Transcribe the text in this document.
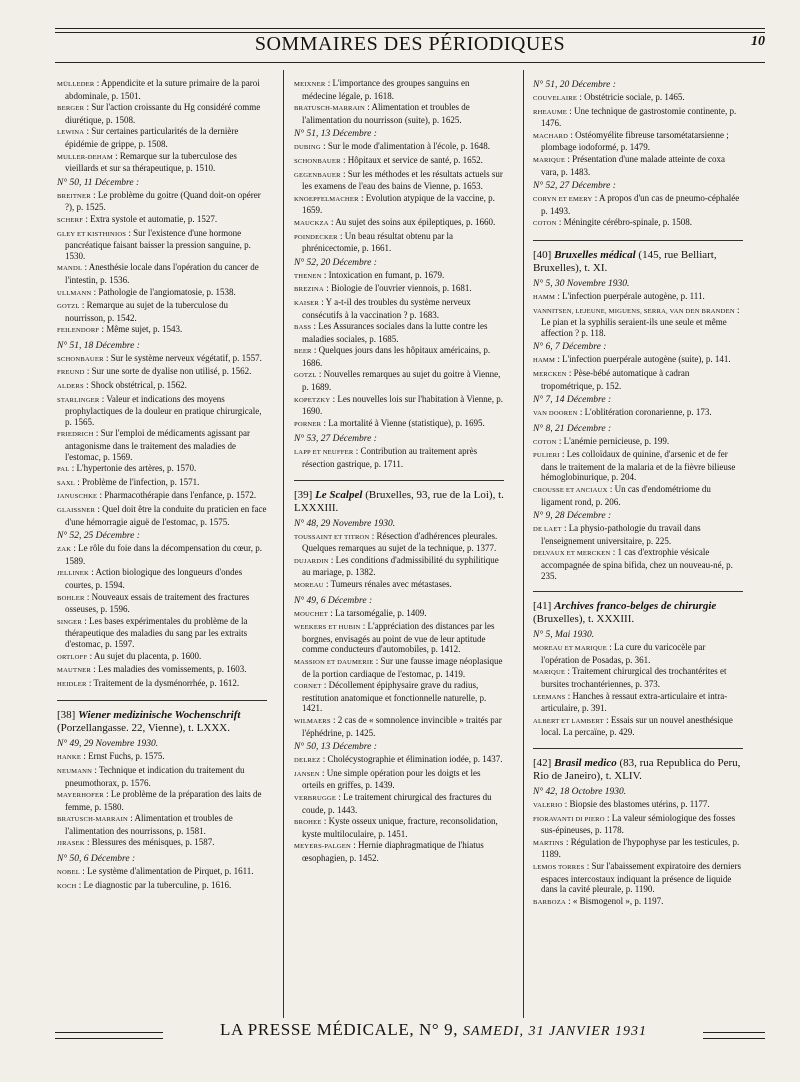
SOMMAIRES DES PÉRIODIQUES	10
MÜLLEDER : Appendicite et la suture primaire de la paroi abdominale, p. 1501.
BERGER : Sur l'action croissante du Hg considéré comme diurétique, p. 1508.
LEWINA : Sur certaines particularités de la dernière épidémie de grippe, p. 1508.
MULLER-DEHAM : Remarque sur la tuberculose des vieillards et sur sa thérapeutique, p. 1510.
N° 50, 11 Décembre :
BREITNER : Le problème du goitre (Quand doit-on opérer ?), p. 1525.
SCHERF : Extra systole et automatie, p. 1527.
GLEY ET KISTHINIOS : Sur l'existence d'une hormone pancréatique faisant baisser la pression sanguine, p. 1530.
MANDL : Anesthésie locale dans l'opération du cancer de l'intestin, p. 1536.
ULLMANN : Pathologie de l'angiomatosie, p. 1538.
GOTZL : Remarque au sujet de la tuberculose du nourrisson, p. 1542.
FEILENDORF : Même sujet, p. 1543.
N° 51, 18 Décembre :
SCHONBAUER : Sur le système nerveux végétatif, p. 1557.
FREUND : Sur une sorte de dyalise non utilisé, p. 1562.
ALDERS : Shock obstétrical, p. 1562.
STARLINGER : Valeur et indications des moyens prophylactiques de la douleur en pratique chirurgicale, p. 1565.
FRIEDRICH : Sur l'emploi de médicaments agissant par antagonisme dans le traitement des maladies de l'estomac, p. 1569.
PAL : L'hypertonie des artères, p. 1570.
SAXL : Problème de l'infection, p. 1571.
JANUSCHKE : Pharmacothérapie dans l'enfance, p. 1572.
GLAISSNER : Quel doit être la conduite du praticien en face d'une hémorragie aiguë de l'estomac, p. 1575.
N° 52, 25 Décembre :
ZAK : Le rôle du foie dans la décompensation du cœur, p. 1589.
JELLINEK : Action biologique des longueurs d'ondes courtes, p. 1594.
BOHLER : Nouveaux essais de traitement des fractures osseuses, p. 1596.
SINGER : Les bases expérimentales du problème de la thérapeutique des maladies du sang par les extraits d'estomac, p. 1597.
ORTLOFF : Au sujet du placenta, p. 1600.
MAUTNER : Les maladies des vomissements, p. 1603.
HEIDLER : Traitement de la dysménorrhée, p. 1612.
[38] Wiener medizinische Wochenschrift (Porzellangasse. 22, Vienne), t. LXXX.
N° 49, 29 Novembre 1930.
HANKE : Ernst Fuchs, p. 1575.
NEUMANN : Technique et indication du traitement du pneumothorax, p. 1576.
MAYERHOFER : Le problème de la préparation des laits de femme, p. 1580.
BRATUSCH-MARRAIN : Alimentation et troubles de l'alimentation des nourrissons, p. 1581.
JIRASEK : Blessures des ménisques, p. 1587.
N° 50, 6 Décembre :
NOBEL : Le système d'alimentation de Pirquet, p. 1611.
KOCH : Le diagnostic par la tuberculine, p. 1616.
MEIXNER : L'importance des groupes sanguins en médecine légale, p. 1618.
BRATUSCH-MARRAIN : Alimentation et troubles de l'alimentation du nourrisson (suite), p. 1625.
N° 51, 13 Décembre :
DUBING : Sur le mode d'alimentation à l'école, p. 1648.
SCHONBAUER : Hôpitaux et service de santé, p. 1652.
GEGENBAUER : Sur les méthodes et les résultats actuels sur les examens de l'eau des bains de Vienne, p. 1653.
KNOEPFELMACHER : Evolution atypique de la vaccine, p. 1659.
MAUCKZA : Au sujet des soins aux épileptiques, p. 1660.
POINDECKER : Un beau résultat obtenu par la phrénicectomie, p. 1661.
N° 52, 20 Décembre :
THENEN : Intoxication en fumant, p. 1679.
BREZINA : Biologie de l'ouvrier viennois, p. 1681.
KAISER : Y a-t-il des troubles du système nerveux consécutifs à la vaccination ? p. 1683.
BASS : Les Assurances sociales dans la lutte contre les maladies sociales, p. 1685.
BEER : Quelques jours dans les hôpitaux américains, p. 1686.
GOTZL : Nouvelles remarques au sujet du goitre à Vienne, p. 1689.
KOPETZKY : Les nouvelles lois sur l'habitation à Vienne, p. 1690.
PORNER : La mortalité à Vienne (statistique), p. 1695.
N° 53, 27 Décembre :
LAPP ET NEUFFER : Contribution au traitement après résection gastrique, p. 1711.
[39] Le Scalpel (Bruxelles, 93, rue de la Loi), t. LXXXIII.
N° 48, 29 Novembre 1930.
TOUSSAINT ET TITRON : Résection d'adhérences pleurales. Quelques remarques au sujet de la technique, p. 1377.
DUJARDIN : Les conditions d'admissibilité du syphilitique au mariage, p. 1382.
MOREAU : Tumeurs rénales avec métastases.
N° 49, 6 Décembre :
MOUCHET : La tarsomégalie, p. 1409.
WEEKERS ET HUBIN : L'appréciation des distances par les borgnes, envisagés au point de vue de leur aptitude comme conducteurs d'automobiles, p. 1412.
MASSION ET DAUMERIE : Sur une fausse image néoplasique de la portion cardiaque de l'estomac, p. 1419.
CORNET : Décollement épiphysaire grave du radius, restitution anatomique et fonctionnelle naturelle, p. 1421.
WILMAERS : 2 cas de « somnolence invincible » traités par l'éphédrine, p. 1425.
N° 50, 13 Décembre :
DELREZ : Cholécystographie et élimination iodée, p. 1437.
JANSEN : Une simple opération pour les doigts et les orteils en griffes, p. 1439.
VERBRUGGE : Le traitement chirurgical des fractures du coude, p. 1443.
BROHEE : Kyste osseux unique, fracture, reconsolidation, kyste multiloculaire, p. 1451.
MEYERS-PALGEN : Hernie diaphragmatique de l'hiatus œsophagien, p. 1452.
N° 51, 20 Décembre :
COUVELAIRE : Obstétricie sociale, p. 1465.
RHEAUME : Une technique de gastrostomie continente, p. 1476.
MACHARD : Ostéomyélite fibreuse tarsométatarsienne ; plombage iodoformé, p. 1479.
MARIQUE : Présentation d'une malade atteinte de coxa vara, p. 1483.
N° 52, 27 Décembre :
CORYN ET EMERY : A propos d'un cas de pneumo-céphalée p. 1493.
COTON : Méningite cérébro-spinale, p. 1508.
[40] Bruxelles médical (145, rue Belliart, Bruxelles), t. XI.
N° 5, 30 Novembre 1930.
HAMM : L'infection puerpérale autogène, p. 111.
VANNITSEN, LEJEUNE, MIGUENS, SERRA, VAN DEN BRANDEN : Le pian et la syphilis seraient-ils une seule et même affection ? p. 118.
N° 6, 7 Décembre :
HAMM : L'infection puerpérale autogène (suite), p. 141.
MERCKEN : Pèse-bébé automatique à cadran tropométrique, p. 152.
N° 7, 14 Décembre :
VAN DOOREN : L'oblitération coronarienne, p. 173.
N° 8, 21 Décembre :
COTON : L'anémie pernicieuse, p. 199.
PULIERI : Les colloïdaux de quinine, d'arsenic et de fer dans le traitement de la malaria et de la fièvre bilieuse hémoglobinurique, p. 204.
CROUSSE ET ANCIAUX : Un cas d'endométriome du ligament rond, p. 206.
N° 9, 28 Décembre :
DE LAET : La physio-pathologie du travail dans l'enseignement universitaire, p. 225.
DELVAUX ET MERCKEN : 1 cas d'extrophie vésicale accompagnée de spina bifida, chez un nouveau-né, p. 235.
[41] Archives franco-belges de chirurgie (Bruxelles), t. XXXIII.
N° 5, Mai 1930.
MOREAU ET MARIQUE : La cure du varicocèle par l'opération de Posadas, p. 361.
MARIQUE : Traitement chirurgical des trochantérites et bursites trochantériennes, p. 373.
LEEMANS : Hanches à ressaut extra-articulaire et intra-articulaire, p. 391.
ALBERT ET LAMBERT : Essais sur un nouvel anesthésique local. La percaïne, p. 429.
[42] Brasil medico (83, rua Republica do Peru, Rio de Janeiro), t. XLIV.
N° 42, 18 Octobre 1930.
VALERIO : Biopsie des blastomes utérins, p. 1177.
FIORAVANTI DI PIERO : La valeur sémiologique des fosses sus-épineuses, p. 1178.
MARTINS : Régulation de l'hypophyse par les testicules, p. 1189.
LEMOS TORRES : Sur l'abaissement expiratoire des derniers espaces intercostaux indiquant la présence de liquide dans la cavité pleurale, p. 1190.
BARBOZA : « Bismogenol », p. 1197.
LA PRESSE MÉDICALE, N° 9, SAMEDI, 31 JANVIER 1931
